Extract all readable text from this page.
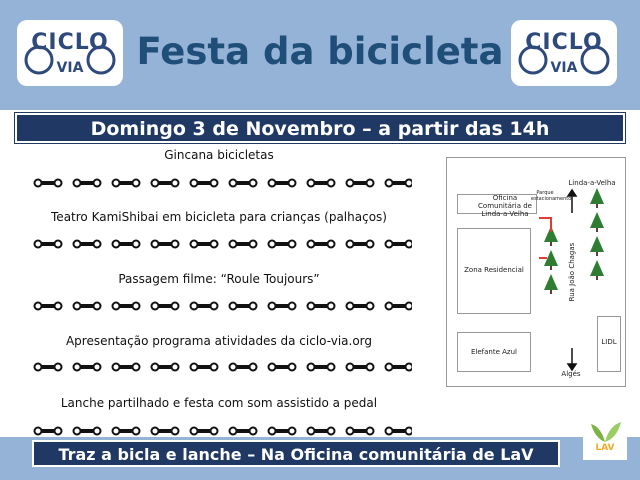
CICLO
VIA	Festa da bicicleta CICLO
VIA
Domingo 3 de Novembro – a partir das 14h
Gincana bicicletas
Teatro KamiShibai em bicicleta para crianças (palhaços)
Passagem filme: “Roule Toujours”
Apresentação programa atividades da ciclo-via.org
Lanche partilhado e festa com som assistido a pedal
Oficina Comunitária de Linda-a-Velha
Parque estacionamento
Linda-a-Velha
Algés
Rua João Chagas
Zona Residencial
Elefante Azul
LIDL
Traz a bicla e lanche – Na Oficina comunitária de LaV	LAV
